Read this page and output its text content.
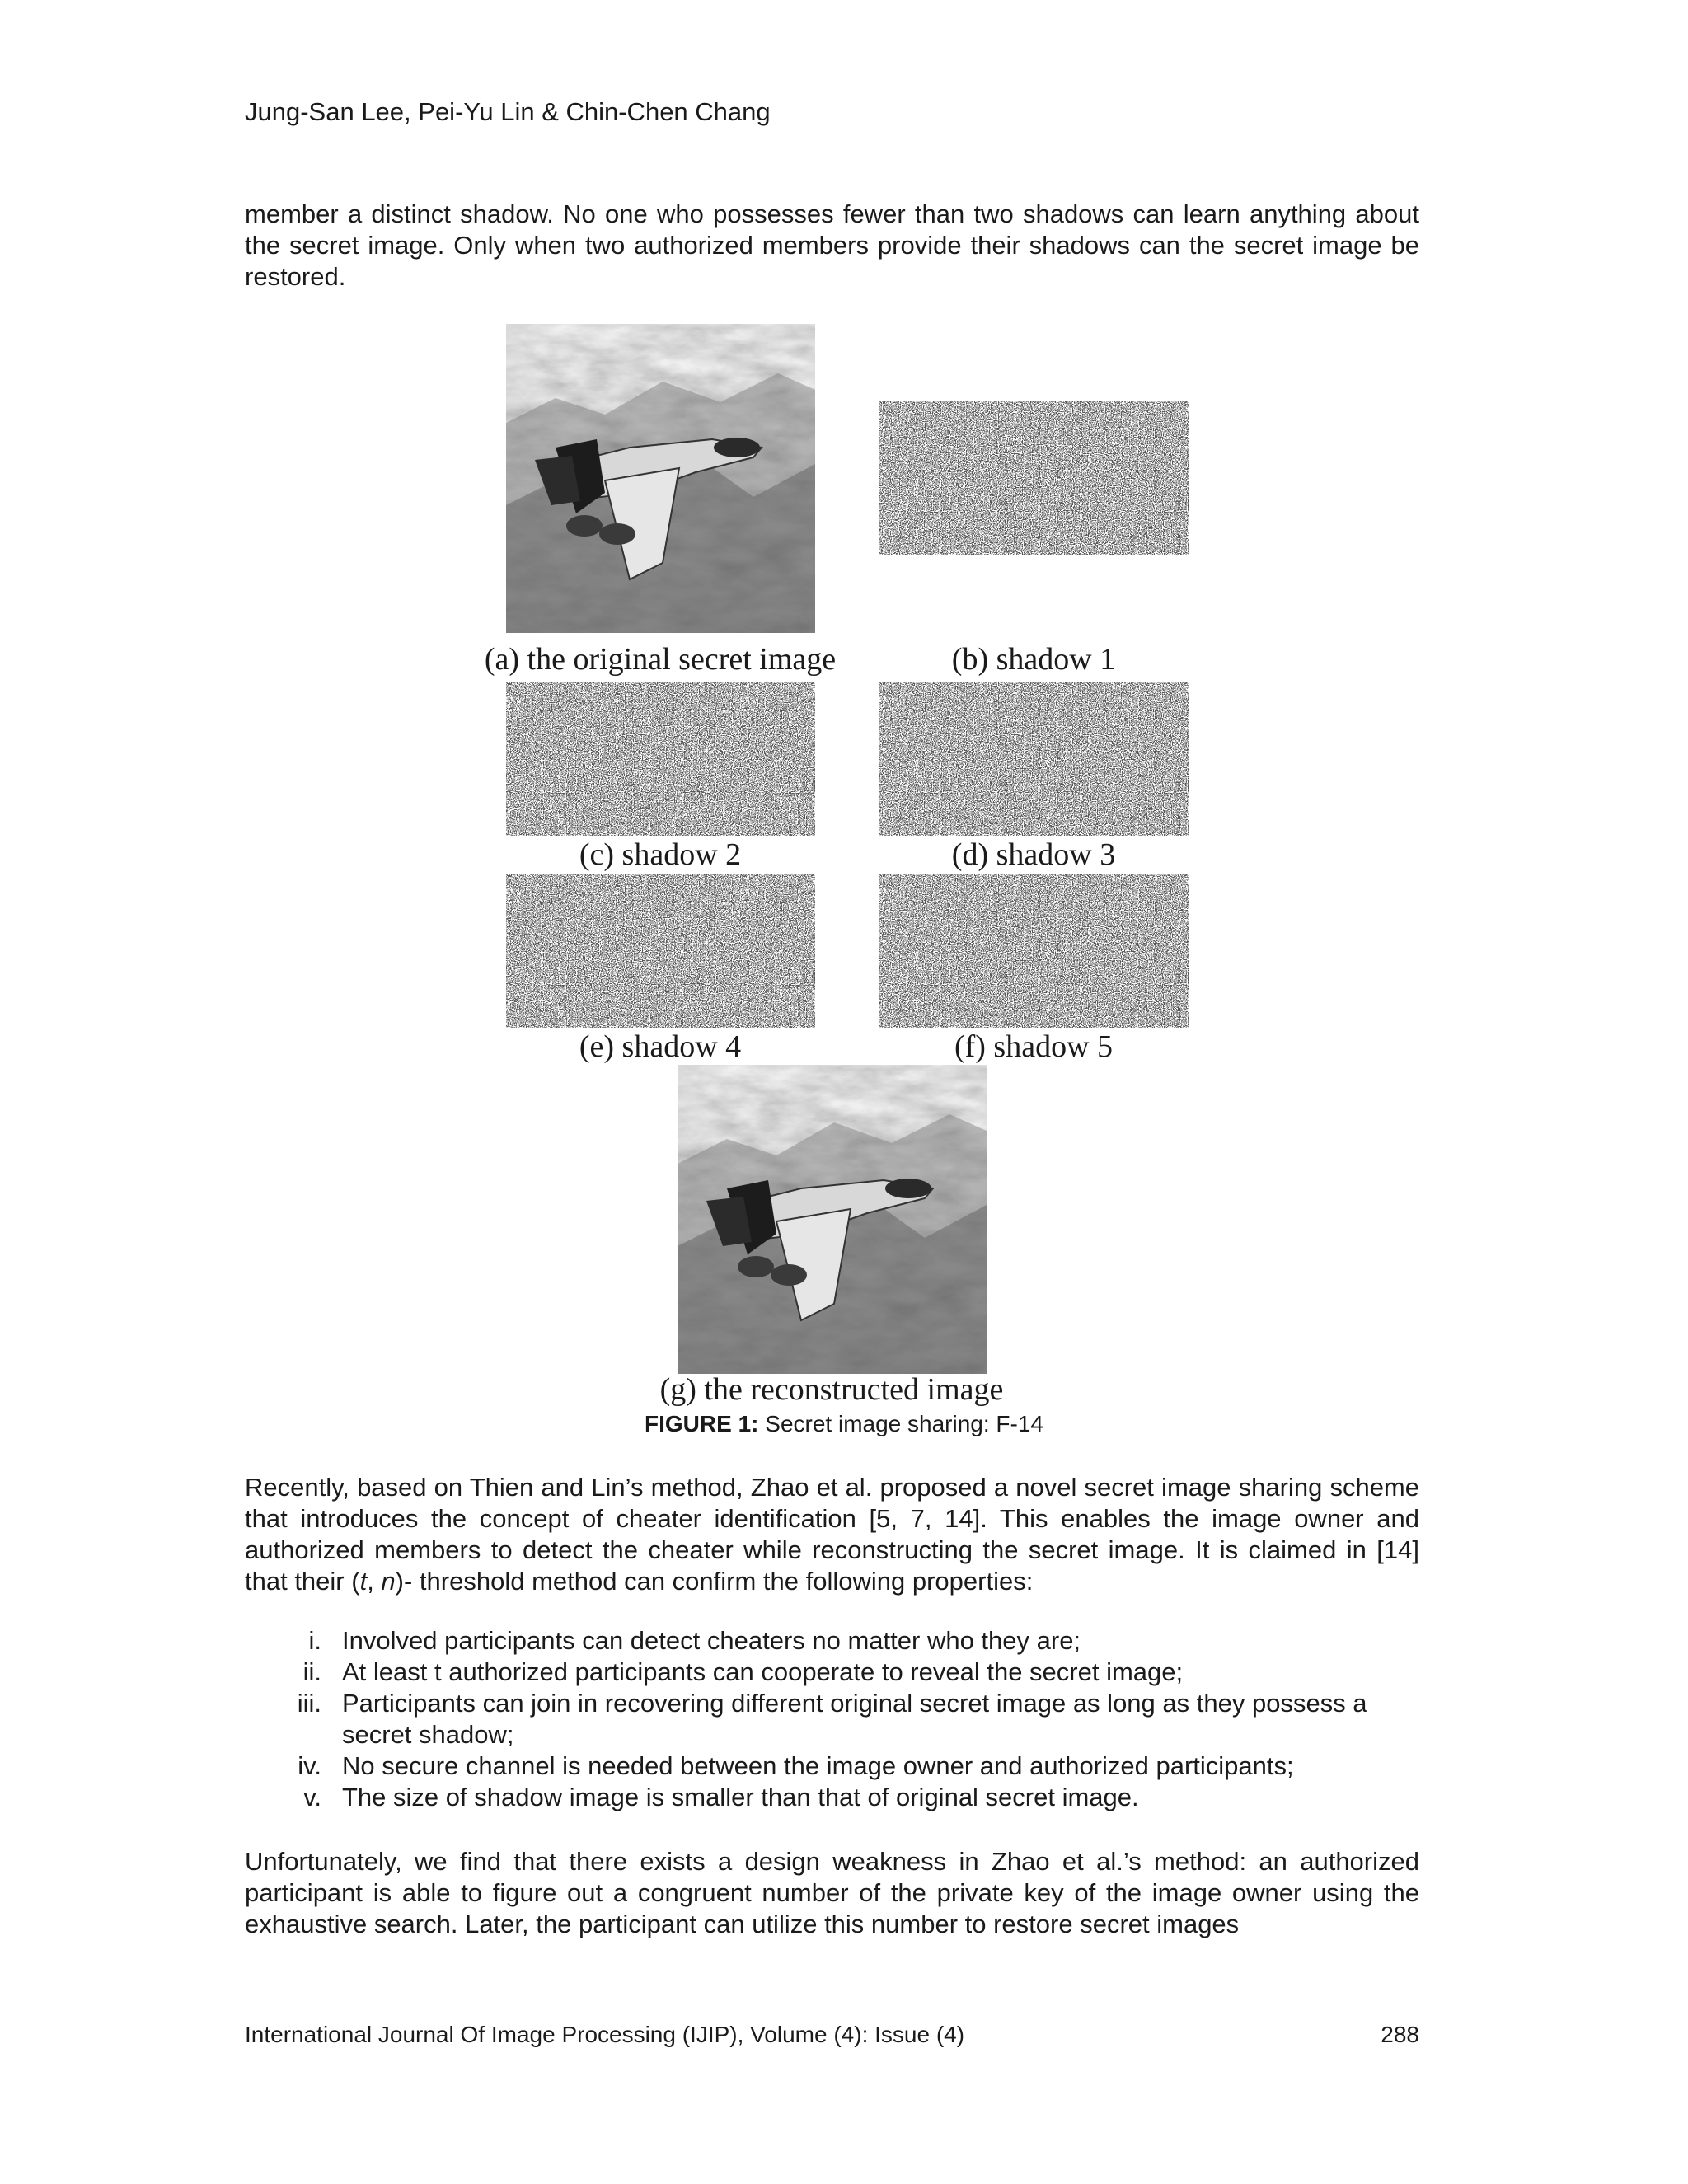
Jung-San Lee, Pei-Yu Lin & Chin-Chen Chang
member a distinct shadow. No one who possesses fewer than two shadows can learn anything about the secret image. Only when two authorized members provide their shadows can the secret image be restored.
(a) the original secret image	(b) shadow 1
(c) shadow 2	(d) shadow 3
(e) shadow 4	(f) shadow 5
(g) the reconstructed image
FIGURE 1: Secret image sharing: F-14
Recently, based on Thien and Lin’s method, Zhao et al. proposed a novel secret image sharing scheme that introduces the concept of cheater identification [5, 7, 14]. This enables the image owner and authorized members to detect the cheater while reconstructing the secret image. It is claimed in [14] that their (t, n)- threshold method can confirm the following properties:
i. Involved participants can detect cheaters no matter who they are;
ii. At least t authorized participants can cooperate to reveal the secret image;
iii. Participants can join in recovering different original secret image as long as they possess a secret shadow;
iv. No secure channel is needed between the image owner and authorized participants;
v. The size of shadow image is smaller than that of original secret image.
Unfortunately, we find that there exists a design weakness in Zhao et al.’s method: an authorized participant is able to figure out a congruent number of the private key of the image owner using the exhaustive search. Later, the participant can utilize this number to restore secret images
International Journal Of Image Processing (IJIP), Volume (4): Issue (4)	288
